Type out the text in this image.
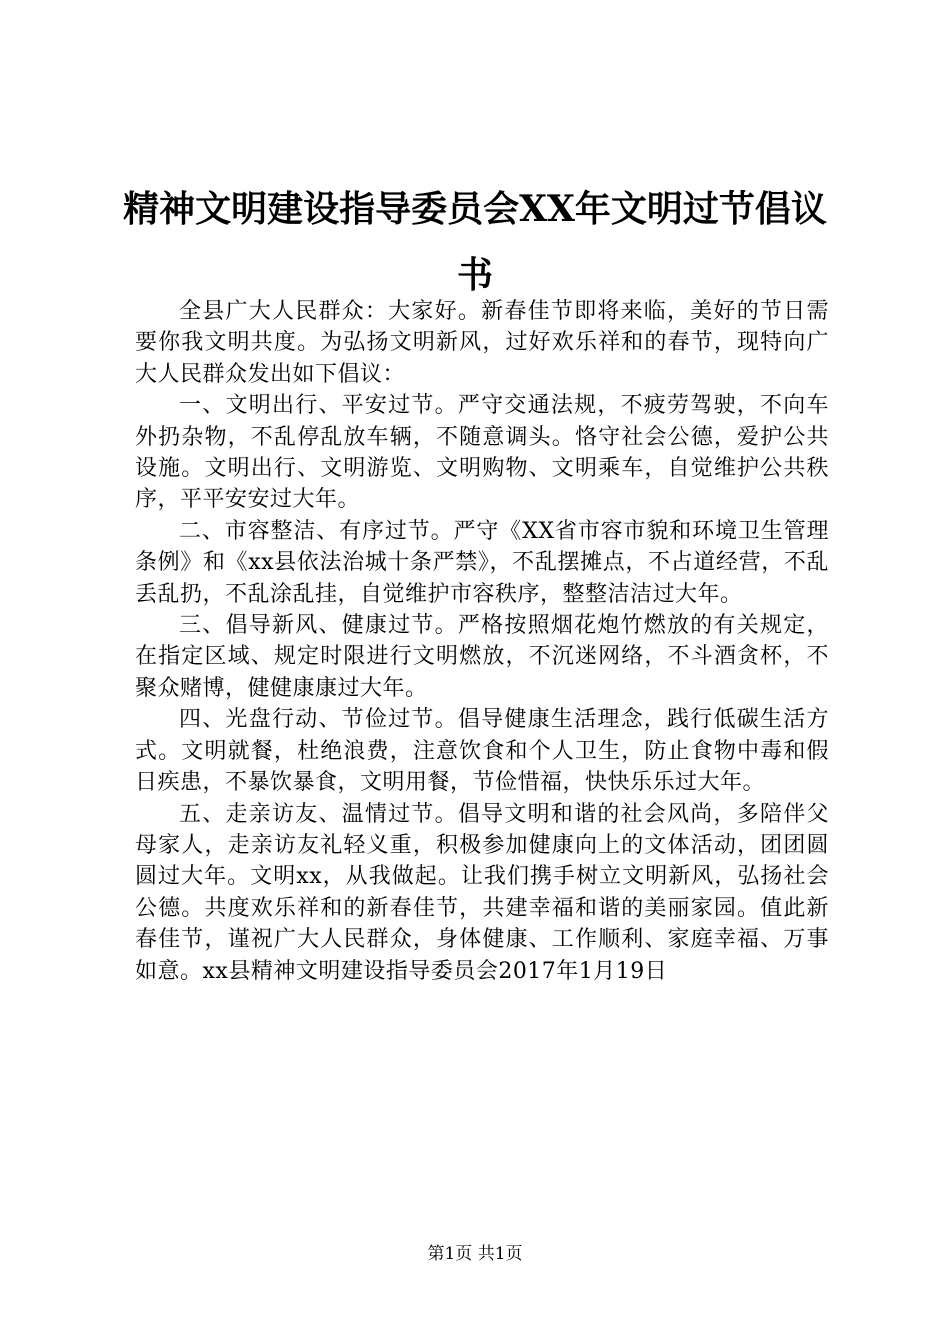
精神文明建设指导委员会XX年文明过节倡议书

全县广大人民群众：大家好。新春佳节即将来临，美好的节日需要你我文明共度。为弘扬文明新风，过好欢乐祥和的春节，现特向广大人民群众发出如下倡议：

一、文明出行、平安过节。严守交通法规，不疲劳驾驶，不向车外扔杂物，不乱停乱放车辆，不随意调头。恪守社会公德，爱护公共设施。文明出行、文明游览、文明购物、文明乘车，自觉维护公共秩序，平平安安过大年。

二、市容整洁、有序过节。严守《XX省市容市貌和环境卫生管理条例》和《xx县依法治城十条严禁》，不乱摆摊点，不占道经营，不乱丢乱扔，不乱涂乱挂，自觉维护市容秩序，整整洁洁过大年。

三、倡导新风、健康过节。严格按照烟花炮竹燃放的有关规定，在指定区域、规定时限进行文明燃放，不沉迷网络，不斗酒贪杯，不聚众赌博，健健康康过大年。

四、光盘行动、节俭过节。倡导健康生活理念，践行低碳生活方式。文明就餐，杜绝浪费，注意饮食和个人卫生，防止食物中毒和假日疾患，不暴饮暴食，文明用餐，节俭惜福，快快乐乐过大年。

五、走亲访友、温情过节。倡导文明和谐的社会风尚，多陪伴父母家人，走亲访友礼轻义重，积极参加健康向上的文体活动，团团圆圆过大年。文明xx，从我做起。让我们携手树立文明新风，弘扬社会公德。共度欢乐祥和的新春佳节，共建幸福和谐的美丽家园。值此新春佳节，谨祝广大人民群众，身体健康、工作顺利、家庭幸福、万事如意。xx县精神文明建设指导委员会2017年1月19日

第1页 共1页
